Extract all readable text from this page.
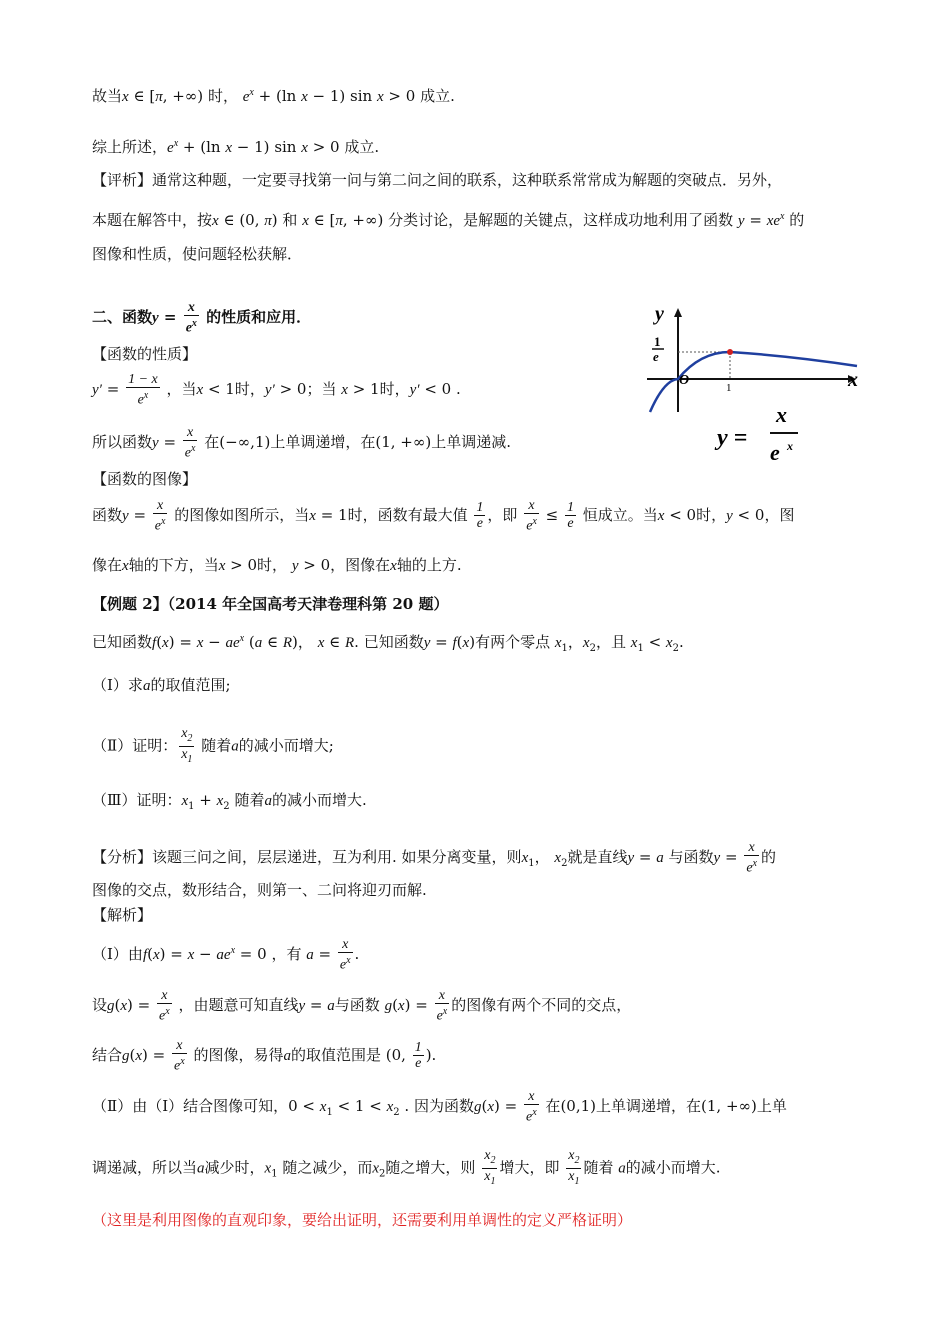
故当x ∈ [π, +∞) 时， $e^x + (\ln$ x − 1) sin x > 0 成立.
综上所述，$e^x + (\ln$ x − 1) sin x > 0 成立.
【评析】通常这种题，一定要寻找第一问与第二问之间的联系，这种联系常常成为解题的突破点．另外，
本题在解答中，按x ∈ (0, π) 和 x ∈ [π, +∞) 分类讨论，是解题的关键点，这样成功地利用了函数 $y = xe^x$ 的
图像和性质，使问题轻松获解．
二、函数$y = \frac{x}{e^x}$ 的性质和应用．
【函数的性质】
$y' = \frac{1 - x}{e^x}$ ，当x < 1时，y′ > 0；当 x > 1时，y′ < 0 .
所以函数$y = \frac{x}{e^x}$ 在(−∞,1)上单调递增，在(1, +∞)上单调递减.
【函数的图像】
函数$y = \frac{x}{e^x}$ 的图像如图所示，当x = 1时，函数有最大值 $\frac{1}{e}$ ，即 $\frac{x}{e^x} \le \frac{1}{e}$ 恒成立。当x < 0时，y < 0，图
像在x轴的下方，当x > 0时， y > 0，图像在x轴的上方.
【例题 2】（2014 年全国高考天津卷理科第 20 题）
已知函数$f(x) = x - ae^x$ (a ∈ R)， x ∈ R. 已知函数y = f(x)有两个零点 $x_1$，$x_2$，且 $x_1 < x_2$.
（Ⅰ）求a的取值范围;
（Ⅱ）证明： $\frac{x_2}{x_1}$ 随着a的减小而增大;
（Ⅲ）证明：$x_1 + x_2$ 随着a的减小而增大.
【分析】该题三问之间，层层递进，互为利用. 如果分离变量，则$x_1$， $x_2$就是直线y = a 与函数$y = \frac{x}{e^x}$ 的
图像的交点，数形结合，则第一、二问将迎刃而解.
【解析】
（Ⅰ）由$f(x) = x - ae^x = 0$ ，有 $a = \frac{x}{e^x}$ .
设$g(x) = \frac{x}{e^x}$ ，由题意可知直线y = a与函数 $g(x) = \frac{x}{e^x}$ 的图像有两个不同的交点，
结合$g(x) = \frac{x}{e^x}$ 的图像，易得a的取值范围是 (0, $\frac{1}{e}$ ).
（Ⅱ）由（Ⅰ）结合图像可知，$0 < x_1 < 1 < x_2$ . 因为函数$g(x) = \frac{x}{e^x}$ 在(0,1)上单调递增，在(1, +∞)上单
调递减，所以当a减少时，$x_1$ 随之减少，而$x_2$随之增大，则 $\frac{x_2}{x_1}$ 增大，即 $\frac{x_2}{x_1}$ 随着 a的减小而增大.
（这里是利用图像的直观印象，要给出证明，还需要利用单调性的定义严格证明）
y
x
O	1
1
e
y =
x
e x
